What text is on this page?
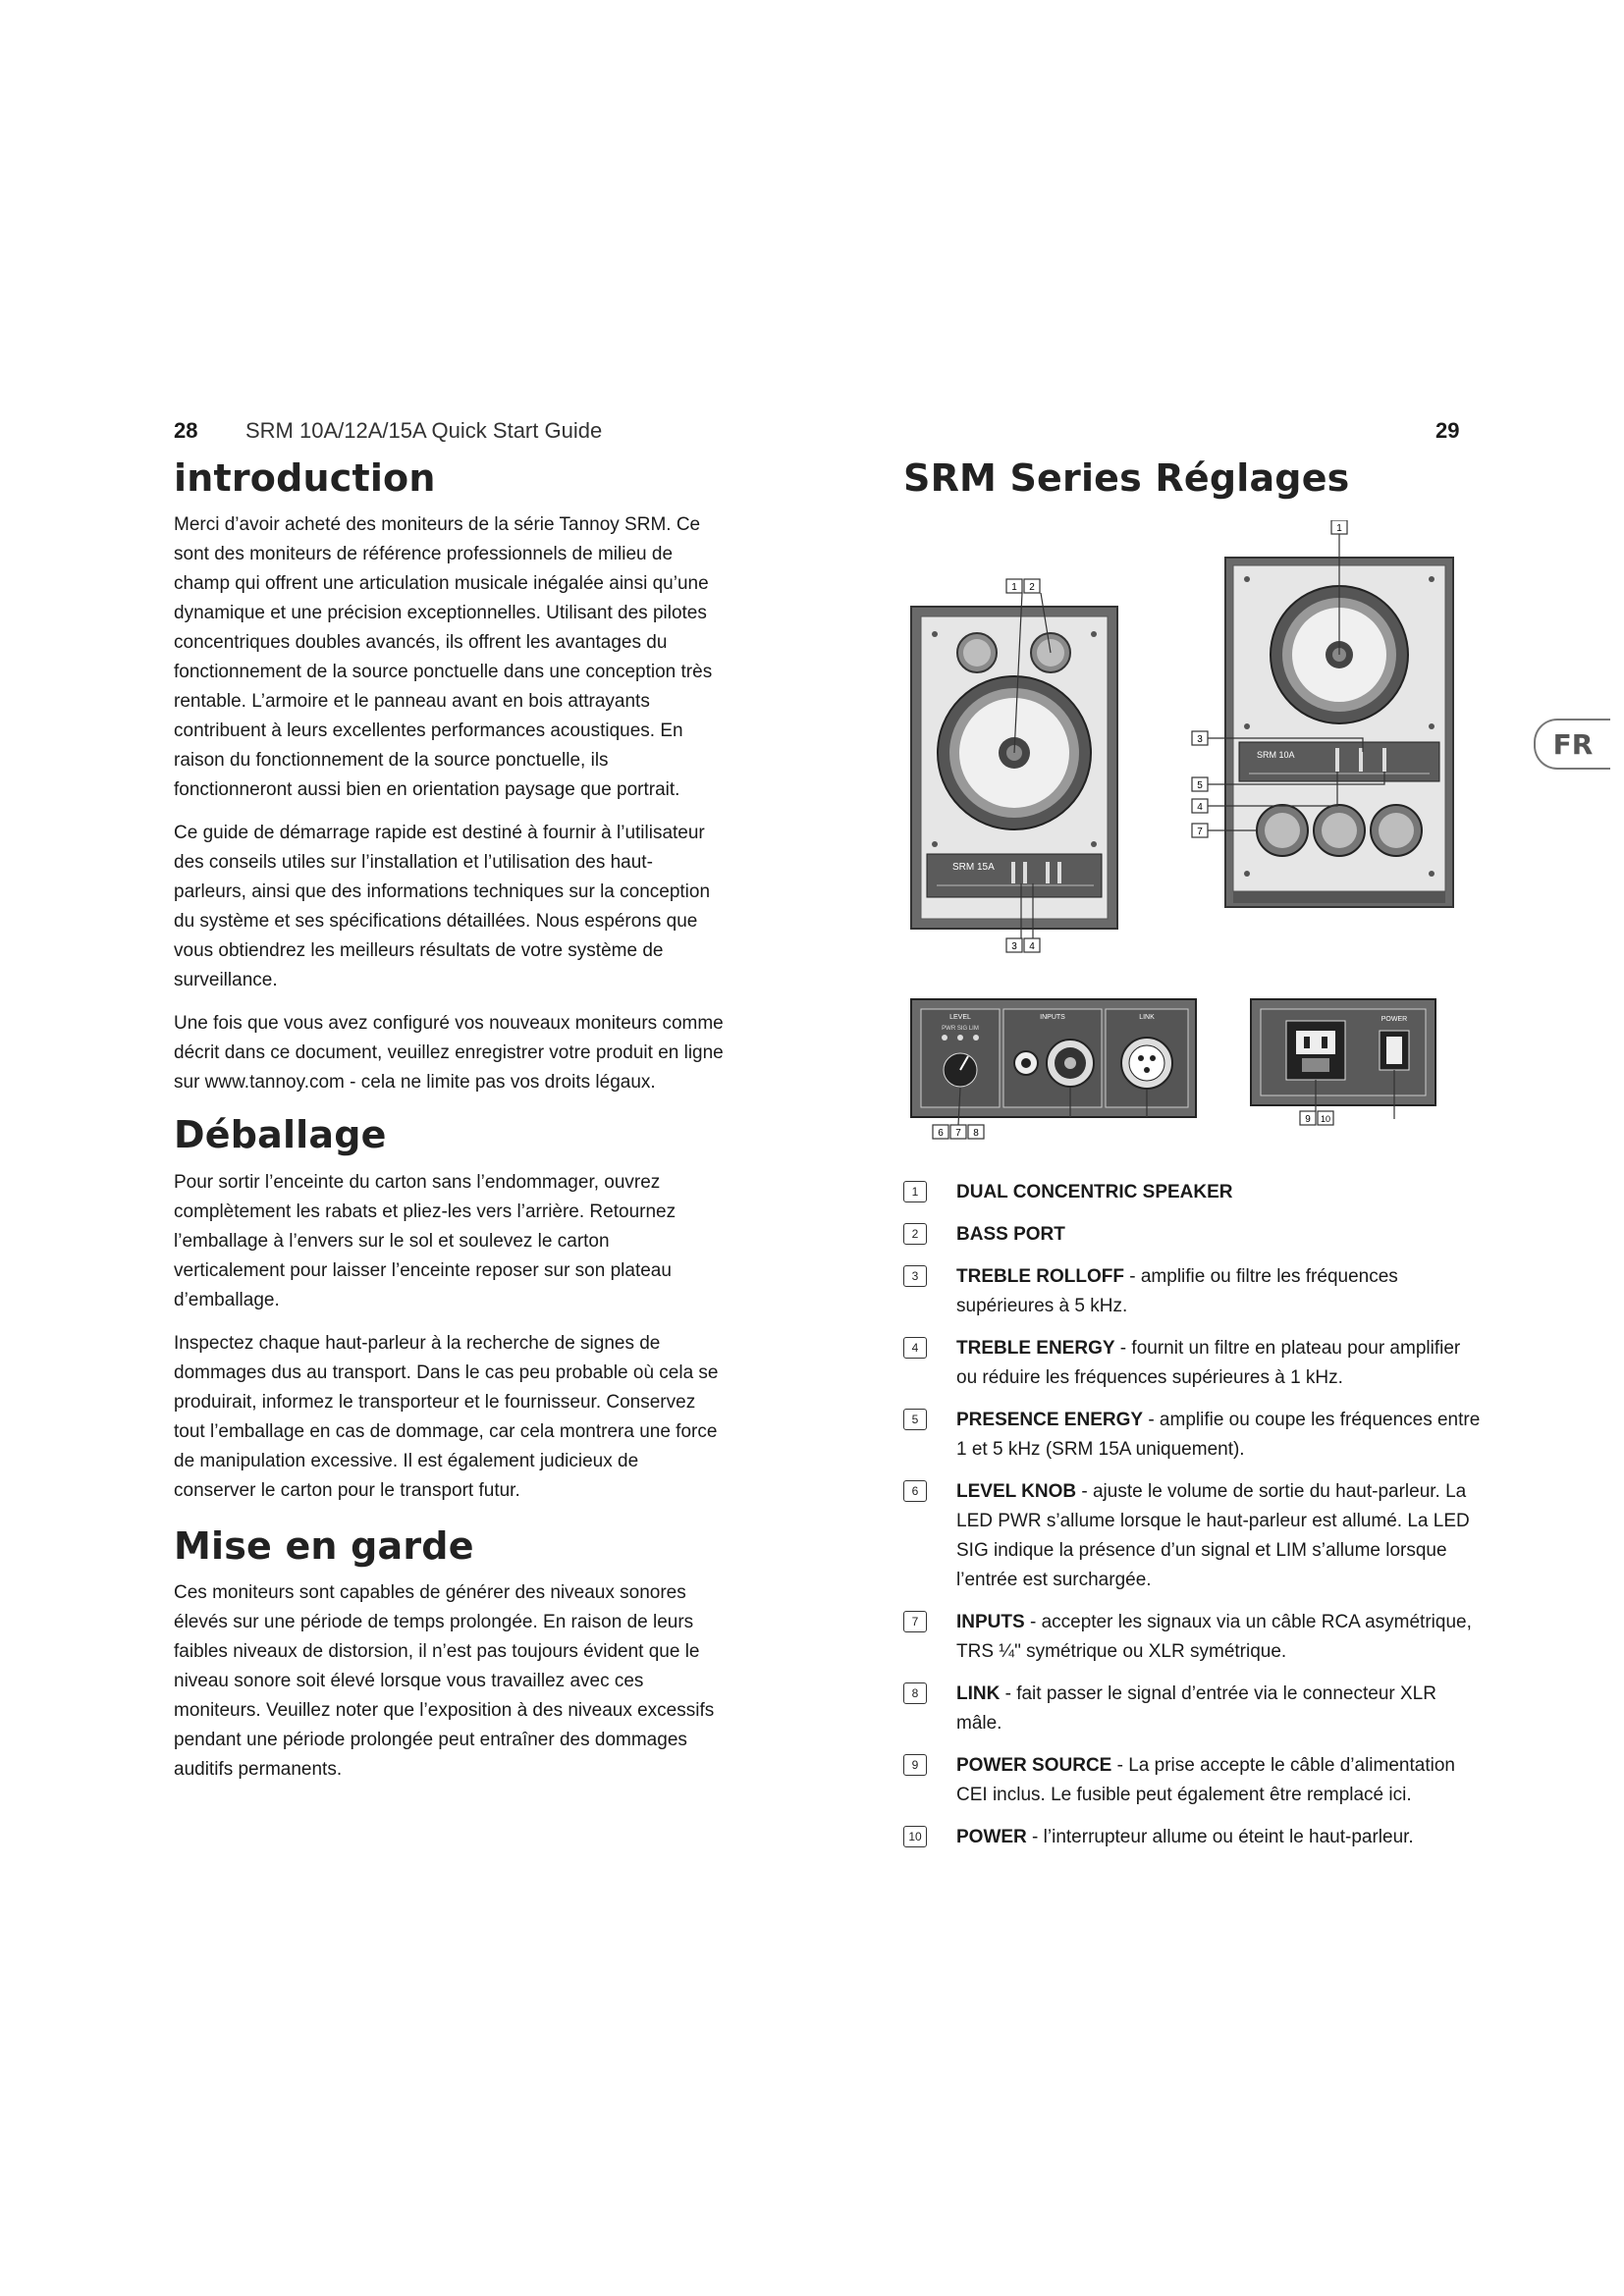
28 SRM 10A/12A/15A Quick Start Guide	29
introduction

Merci d’avoir acheté des moniteurs de la série Tannoy SRM. Ce sont des moniteurs de référence professionnels de milieu de champ qui offrent une articulation musicale inégalée ainsi qu’une dynamique et une précision exceptionnelles. Utilisant des pilotes concentriques doubles avancés, ils offrent les avantages du fonctionnement de la source ponctuelle dans une conception très rentable. L’armoire et le panneau avant en bois attrayants contribuent à leurs excellentes performances acoustiques. En raison du fonctionnement de la source ponctuelle, ils fonctionneront aussi bien en orientation paysage que portrait.

Ce guide de démarrage rapide est destiné à fournir à l’utilisateur des conseils utiles sur l’installation et l’utilisation des haut-parleurs, ainsi que des informations techniques sur la conception du système et ses spécifications détaillées. Nous espérons que vous obtiendrez les meilleurs résultats de votre système de surveillance.

Une fois que vous avez configuré vos nouveaux moniteurs comme décrit dans ce document, veuillez enregistrer votre produit en ligne sur www.tannoy.com - cela ne limite pas vos droits légaux.

Déballage

Pour sortir l’enceinte du carton sans l’endommager, ouvrez complètement les rabats et pliez-les vers l’arrière. Retournez l’emballage à l’envers sur le sol et soulevez le carton verticalement pour laisser l’enceinte reposer sur son plateau d’emballage.

Inspectez chaque haut-parleur à la recherche de signes de dommages dus au transport. Dans le cas peu probable où cela se produirait, informez le transporteur et le fournisseur. Conservez tout l’emballage en cas de dommage, car cela montrera une force de manipulation excessive. Il est également judicieux de conserver le carton pour le transport futur.

Mise en garde

Ces moniteurs sont capables de générer des niveaux sonores élevés sur une période de temps prolongée. En raison de leurs faibles niveaux de distorsion, il n’est pas toujours évident que le niveau sonore soit élevé lorsque vous travaillez avec ces moniteurs. Veuillez noter que l’exposition à des niveaux excessifs pendant une période prolongée peut entraîner des dommages auditifs permanents.

SRM Series Réglages
FR
SRM 15A
SRM 10A
1 2
3 4
1
3
5
4
7
LEVEL	INPUTS	LINK
PWR SIG LIM
6 7 8
POWER
9 10
1	DUAL CONCENTRIC SPEAKER
2	BASS PORT
3	TREBLE ROLLOFF - amplifie ou filtre les fréquences supérieures à 5 kHz.
4	TREBLE ENERGY - fournit un filtre en plateau pour amplifier ou réduire les fréquences supérieures à 1 kHz.
5	PRESENCE ENERGY - amplifie ou coupe les fréquences entre 1 et 5 kHz (SRM 15A uniquement).
6	LEVEL KNOB - ajuste le volume de sortie du haut-parleur. La LED PWR s’allume lorsque le haut-parleur est allumé. La LED SIG indique la présence d’un signal et LIM s’allume lorsque l’entrée est surchargée.
7	INPUTS - accepter les signaux via un câble RCA asymétrique, TRS ¼" symétrique ou XLR symétrique.
8	LINK - fait passer le signal d’entrée via le connecteur XLR mâle.
9	POWER SOURCE - La prise accepte le câble d’alimentation CEI inclus. Le fusible peut également être remplacé ici.
10 POWER - l’interrupteur allume ou éteint le haut-parleur.
